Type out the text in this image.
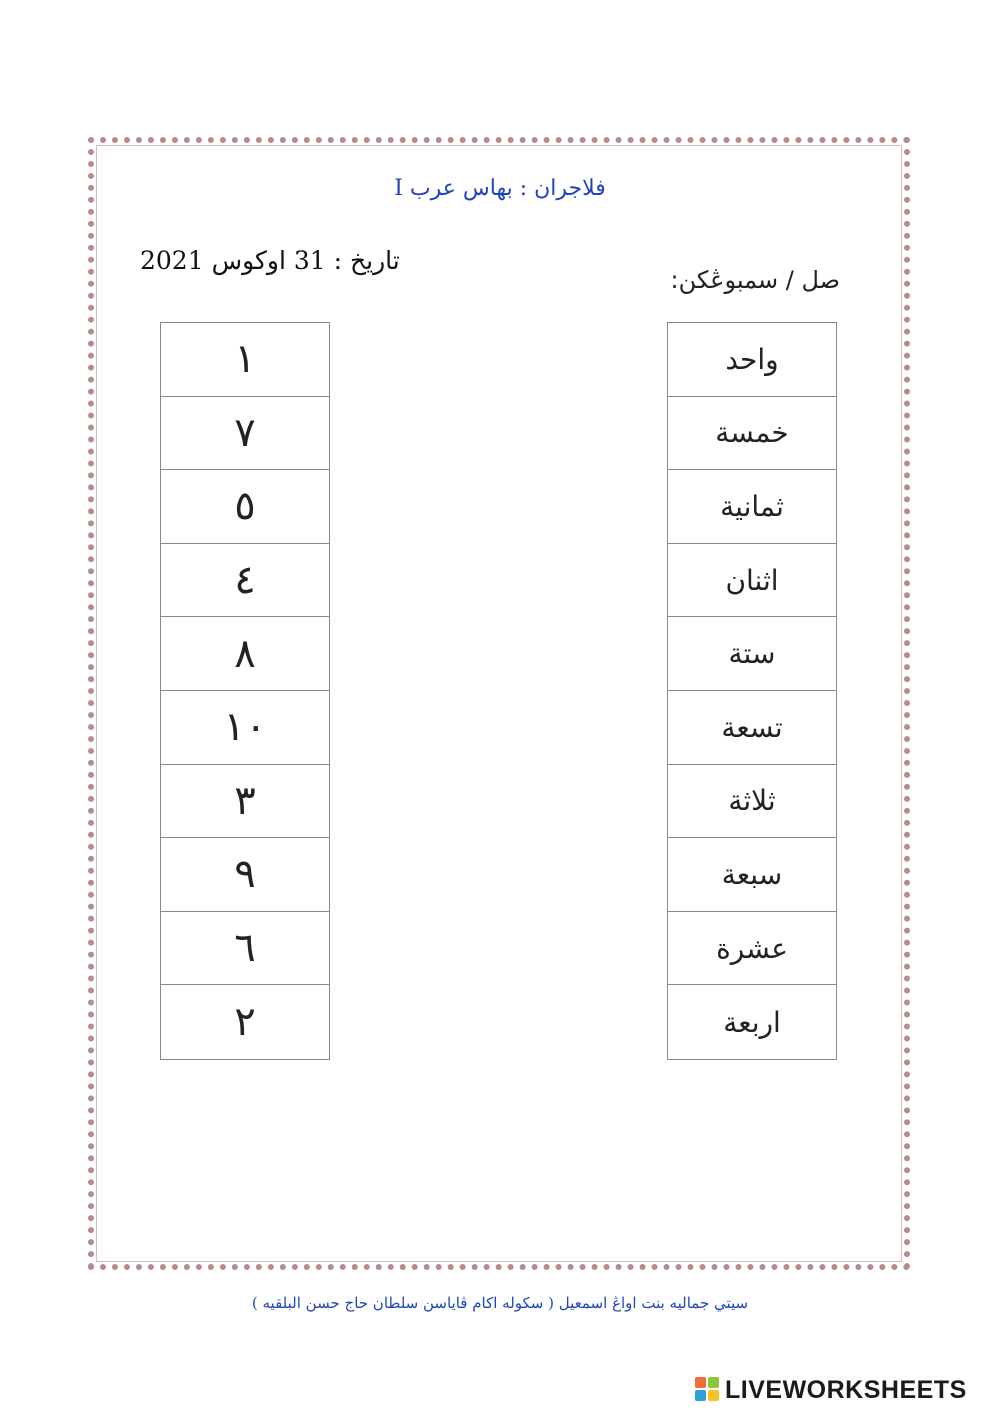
فلاجران : بهاس عرب I
تاريخ : 31 اوكوس 2021
صل / سمبوڠكن:
١
٧
٥
٤
٨
١٠
٣
٩
٦
٢
واحد
خمسة
ثمانية
اثنان
ستة
تسعة
ثلاثة
سبعة
عشرة
اربعة
سيتي جماليه بنت اواڠ اسمعيل ( سكوله اکام ڤاياسن سلطان حاج حسن البلقيه )
LIVEWORKSHEETS
